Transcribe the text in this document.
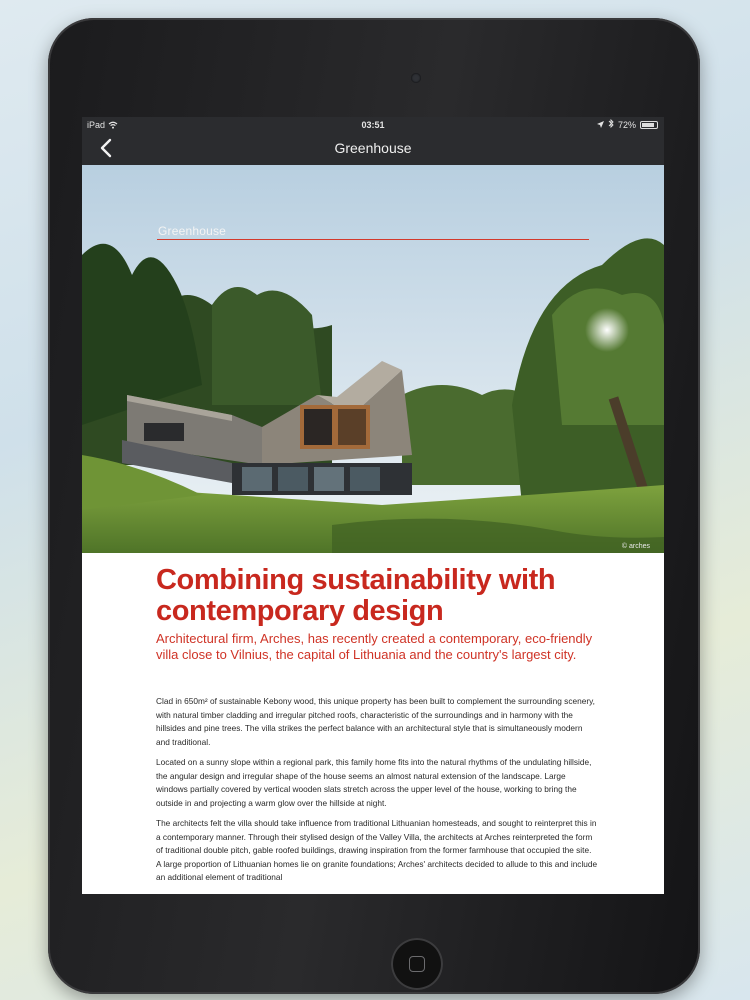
iPad	03:51	72%
Greenhouse
Greenhouse
© arches
Combining sustainability with contemporary design

Architectural firm, Arches, has recently created a contemporary, eco-friendly villa close to Vilnius, the capital of Lithuania and the country's largest city.

Clad in 650m² of sustainable Kebony wood, this unique property has been built to complement the surrounding scenery, with natural timber cladding and irregular pitched roofs, characteristic of the surroundings and in harmony with the hillsides and pine trees. The villa strikes the perfect balance with an architectural style that is simultaneously modern and traditional.

Located on a sunny slope within a regional park, this family home fits into the natural rhythms of the undulating hillside, the angular design and irregular shape of the house seems an almost natural extension of the landscape. Large windows partially covered by vertical wooden slats stretch across the upper level of the house, working to bring the outside in and projecting a warm glow over the hillside at night.

The architects felt the villa should take influence from traditional Lithuanian homesteads, and sought to reinterpret this in a contemporary manner. Through their stylised design of the Valley Villa, the architects at Arches reinterpreted the form of traditional double pitch, gable roofed buildings, drawing inspiration from the former farmhouse that occupied the site. A large proportion of Lithuanian homes lie on granite foundations; Arches' architects decided to allude to this and include an additional element of traditional
